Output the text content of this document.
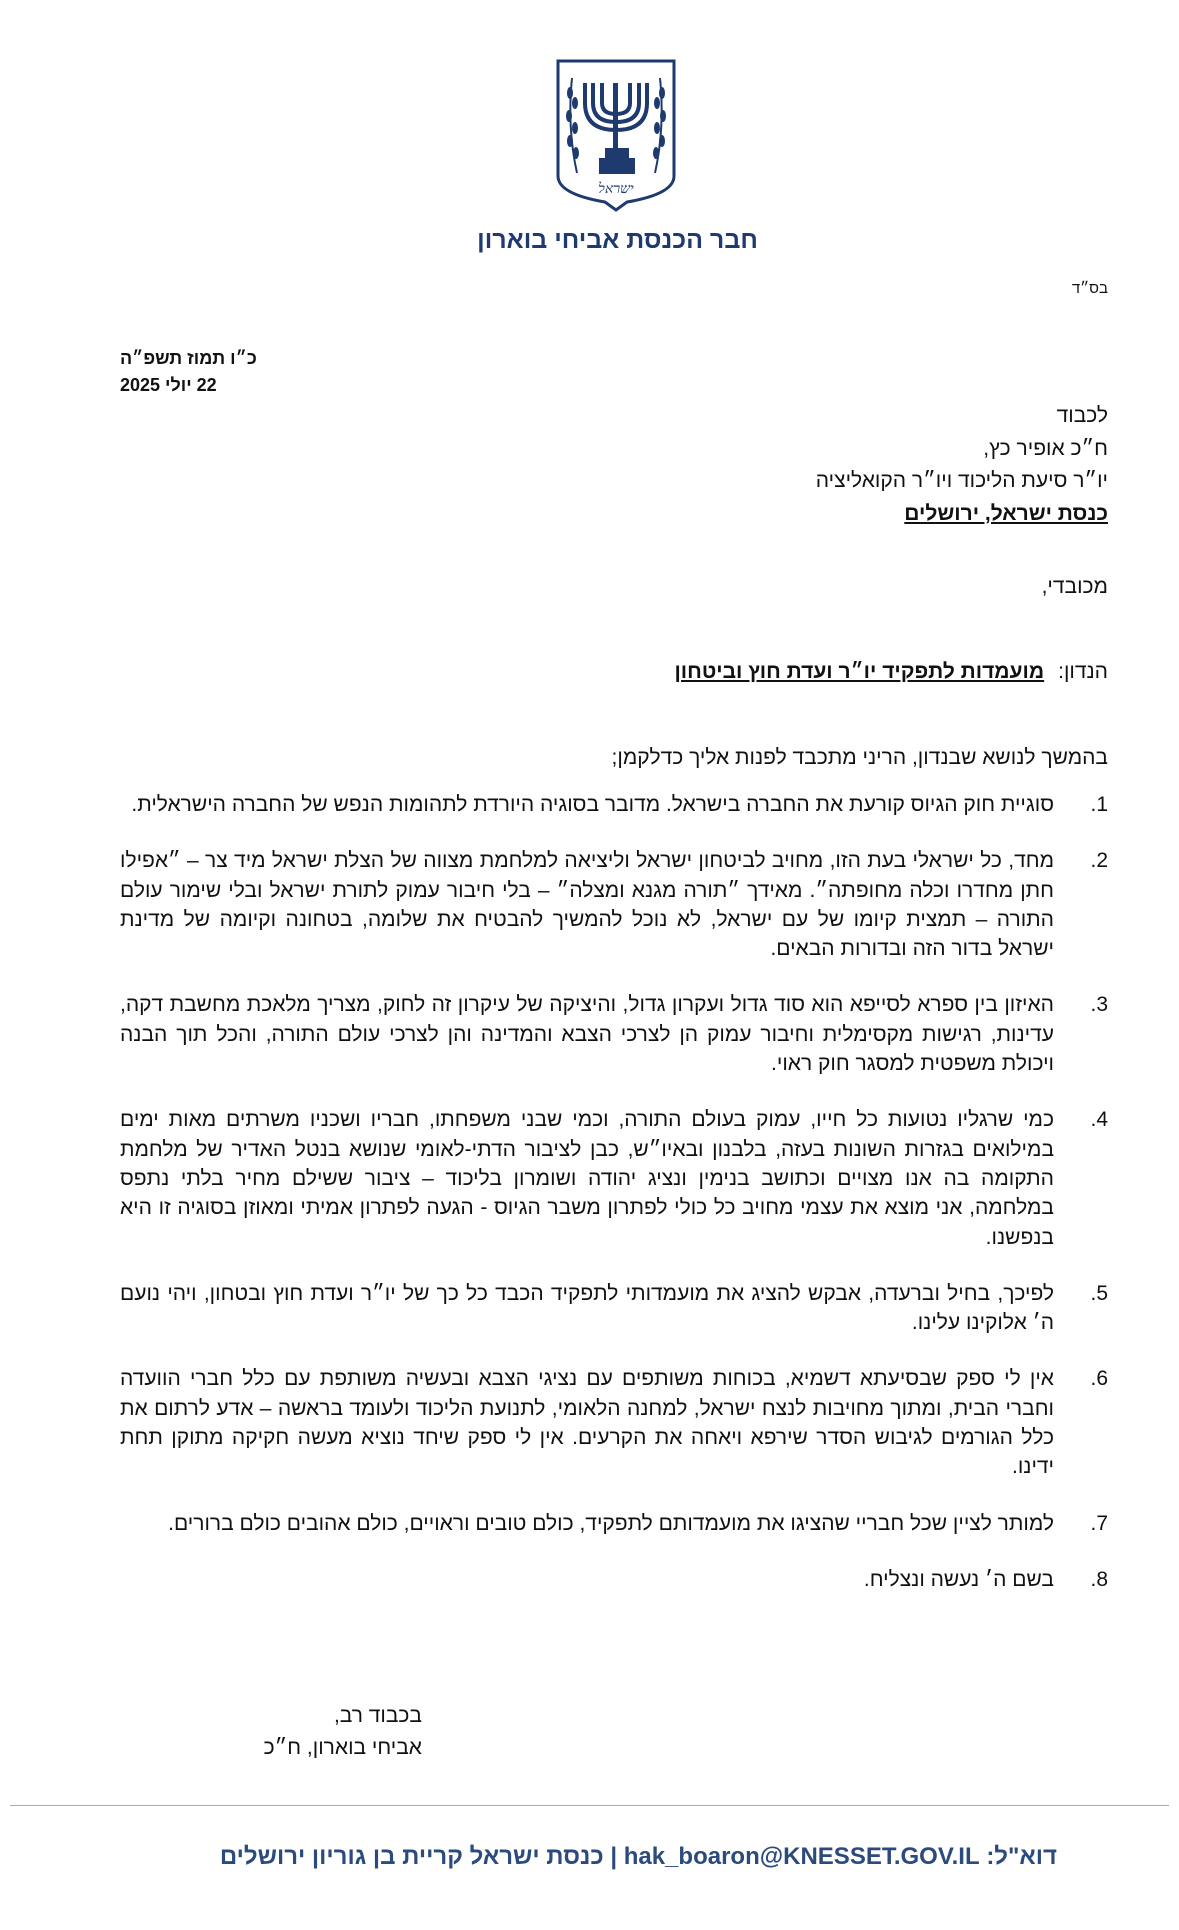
ישראל
חבר הכנסת אביחי בוארון
בס״ד
כ״ו תמוז תשפ״ה
22 יולי 2025
לכבוד
ח״כ אופיר כץ,
יו״ר סיעת הליכוד ויו״ר הקואליציה
כנסת ישראל, ירושלים
מכובדי,
הנדון:מועמדות לתפקיד יו״ר ועדת חוץ וביטחון
בהמשך לנושא שבנדון, הריני מתכבד לפנות אליך כדלקמן;
1.
סוגיית חוק הגיוס קורעת את החברה בישראל. מדובר בסוגיה היורדת לתהומות הנפש של החברה הישראלית.
2.
מחד, כל ישראלי בעת הזו, מחויב לביטחון ישראל וליציאה למלחמת מצווה של הצלת ישראל מיד צר – ״אפילו חתן מחדרו וכלה מחופתה״. מאידך ״תורה מגנא ומצלה״ – בלי חיבור עמוק לתורת ישראל ובלי שימור עולם התורה – תמצית קיומו של עם ישראל, לא נוכל להמשיך להבטיח את שלומה, בטחונה וקיומה של מדינת ישראל בדור הזה ובדורות הבאים.
3.
האיזון בין ספרא לסייפא הוא סוד גדול ועקרון גדול, והיציקה של עיקרון זה לחוק, מצריך מלאכת מחשבת דקה, עדינות, רגישות מקסימלית וחיבור עמוק הן לצרכי הצבא והמדינה והן לצרכי עולם התורה, והכל תוך הבנה ויכולת משפטית למסגר חוק ראוי.
4.
כמי שרגליו נטועות כל חייו, עמוק בעולם התורה, וכמי שבני משפחתו, חבריו ושכניו משרתים מאות ימים במילואים בגזרות השונות בעזה, בלבנון ובאיו״ש, כבן לציבור הדתי-לאומי שנושא בנטל האדיר של מלחמת התקומה בה אנו מצויים וכתושב בנימין ונציג יהודה ושומרון בליכוד – ציבור ששילם מחיר בלתי נתפס במלחמה, אני מוצא את עצמי מחויב כל כולי לפתרון משבר הגיוס - הגעה לפתרון אמיתי ומאוזן בסוגיה זו היא בנפשנו.
5.
לפיכך, בחיל וברעדה, אבקש להציג את מועמדותי לתפקיד הכבד כל כך של יו״ר ועדת חוץ ובטחון, ויהי נועם ה׳ אלוקינו עלינו.
6.
אין לי ספק שבסיעתא דשמיא, בכוחות משותפים עם נציגי הצבא ובעשיה משותפת עם כלל חברי הוועדה וחברי הבית, ומתוך מחויבות לנצח ישראל, למחנה הלאומי, לתנועת הליכוד ולעומד בראשה – אדע לרתום את כלל הגורמים לגיבוש הסדר שירפא ויאחה את הקרעים. אין לי ספק שיחד נוציא מעשה חקיקה מתוקן תחת ידינו.
7.
למותר לציין שכל חבריי שהציגו את מועמדותם לתפקיד, כולם טובים וראויים, כולם אהובים כולם ברורים.
8.
בשם ה׳ נעשה ונצליח.
בכבוד רב,
אביחי בוארון, ח״כ
דוא"ל: hak_boaron@KNESSET.GOV.IL | כנסת ישראל קריית בן גוריון ירושלים
